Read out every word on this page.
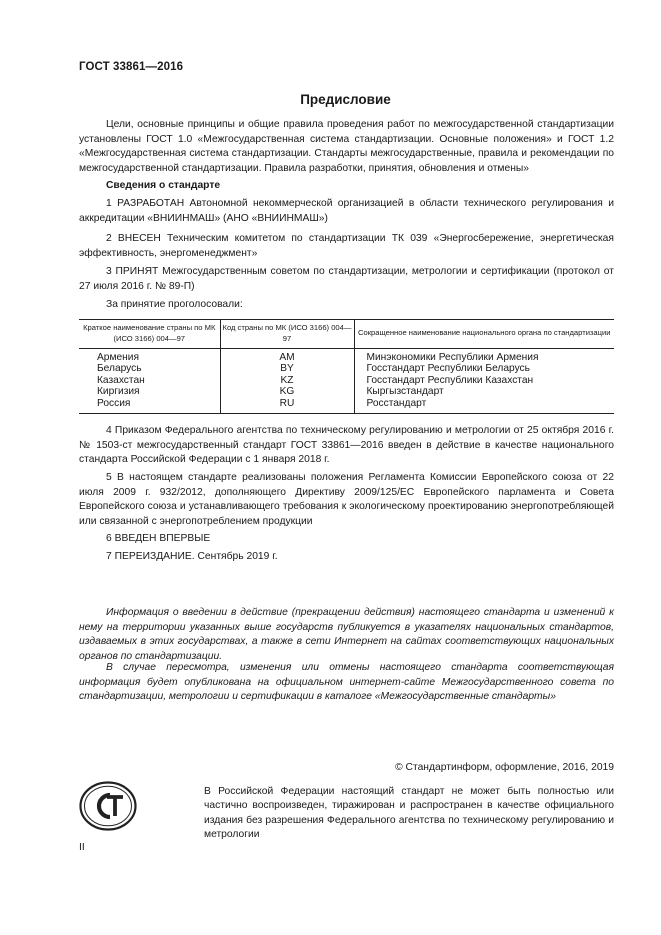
ГОСТ 33861—2016
Предисловие
Цели, основные принципы и общие правила проведения работ по межгосударственной стандартизации установлены ГОСТ 1.0 «Межгосударственная система стандартизации. Основные положения» и ГОСТ 1.2 «Межгосударственная система стандартизации. Стандарты межгосударственные, правила и рекомендации по межгосударственной стандартизации. Правила разработки, принятия, обновления и отмены»
Сведения о стандарте
1 РАЗРАБОТАН Автономной некоммерческой организацией в области технического регулирования и аккредитации «ВНИИНМАШ» (АНО «ВНИИНМАШ»)
2 ВНЕСЕН Техническим комитетом по стандартизации ТК 039 «Энергосбережение, энергетическая эффективность, энергоменеджмент»
3 ПРИНЯТ Межгосударственным советом по стандартизации, метрологии и сертификации (протокол от 27 июля 2016 г. № 89-П)
За принятие проголосовали:
Краткое наименование страны по МК (ИСО 3166) 004—97	Код страны по МК (ИСО 3166) 004—97	Сокращенное наименование национального органа по стандартизации
Армения	AM	Минэкономики Республики Армения
Беларусь	BY	Госстандарт Республики Беларусь
Казахстан	KZ	Госстандарт Республики Казахстан
Киргизия	KG	Кыргызстандарт
Россия	RU	Росстандарт
4 Приказом Федерального агентства по техническому регулированию и метрологии от 25 октября 2016 г. № 1503-ст межгосударственный стандарт ГОСТ 33861—2016 введен в действие в качестве национального стандарта Российской Федерации с 1 января 2018 г.
5 В настоящем стандарте реализованы положения Регламента Комиссии Европейского союза от 22 июля 2009 г. 932/2012, дополняющего Директиву 2009/125/ЕС Европейского парламента и Совета Европейского союза и устанавливающего требования к экологическому проектированию энергопотребляющей или связанной с энергопотреблением продукции
6 ВВЕДЕН ВПЕРВЫЕ
7 ПЕРЕИЗДАНИЕ. Сентябрь 2019 г.
Информация о введении в действие (прекращении действия) настоящего стандарта и изменений к нему на территории указанных выше государств публикуется в указателях национальных стандартов, издаваемых в этих государствах, а также в сети Интернет на сайтах соответствующих национальных органов по стандартизации.
В случае пересмотра, изменения или отмены настоящего стандарта соответствующая информация будет опубликована на официальном интернет-сайте Межгосударственного совета по стандартизации, метрологии и сертификации в каталоге «Межгосударственные стандарты»
© Стандартинформ, оформление, 2016, 2019
В Российской Федерации настоящий стандарт не может быть полностью или частично воспроизведен, тиражирован и распространен в качестве официального издания без разрешения Федерального агентства по техническому регулированию и метрологии
II
